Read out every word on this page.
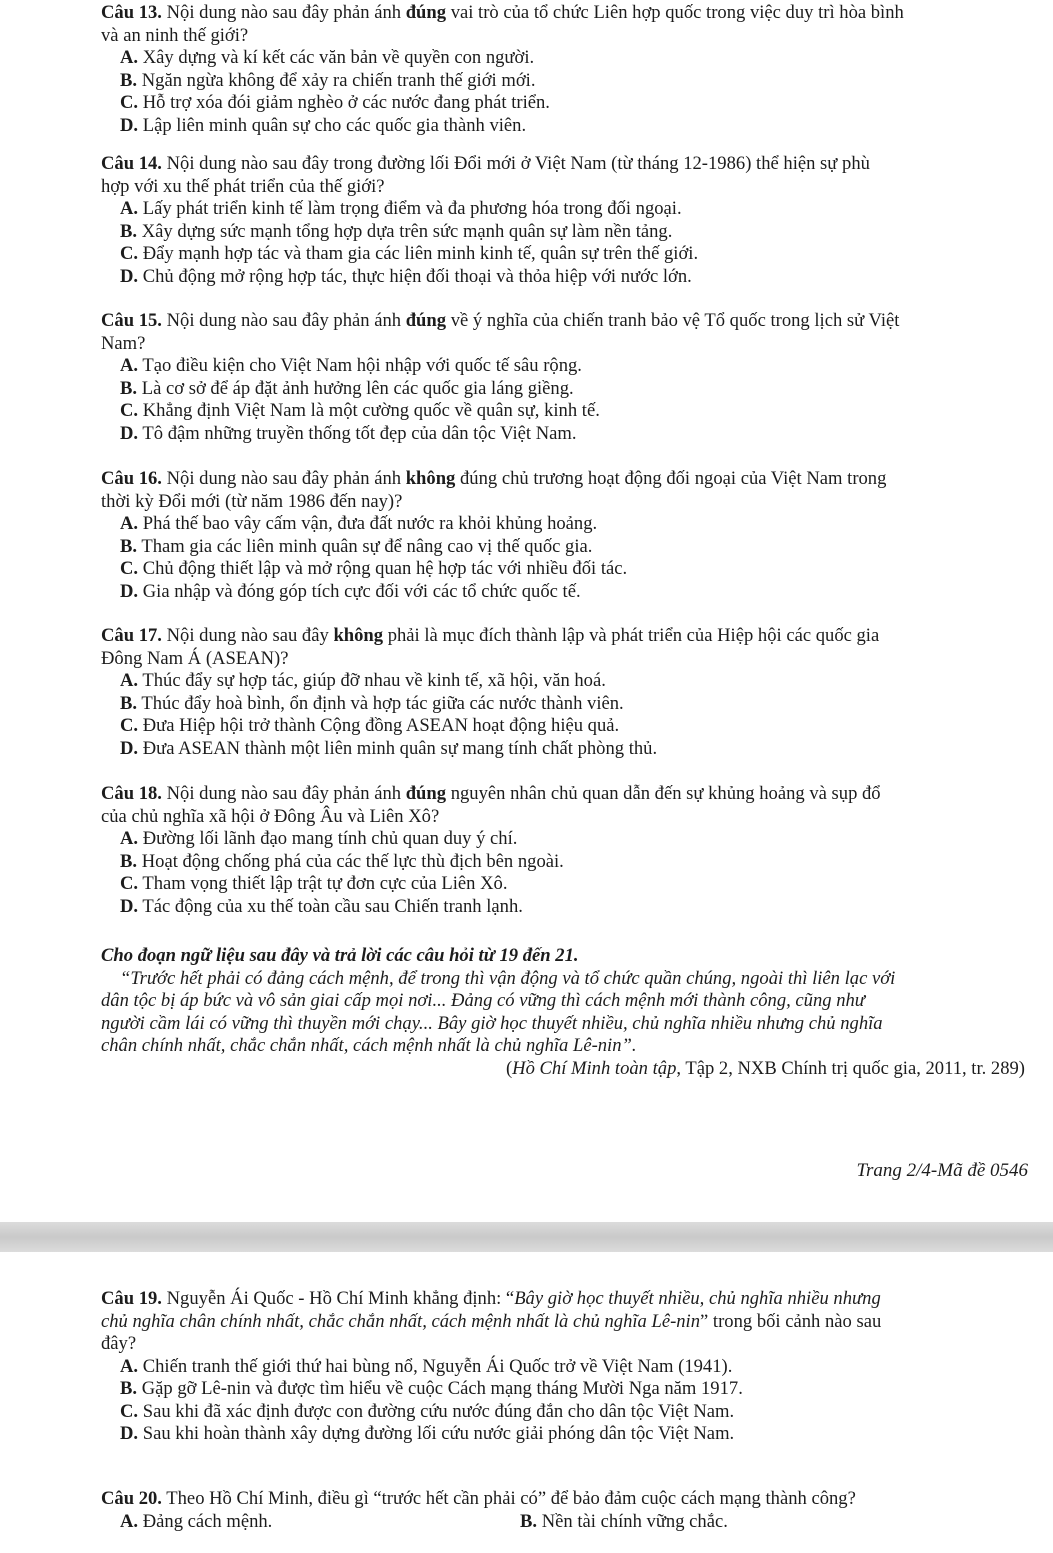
Câu 13. Nội dung nào sau đây phản ánh đúng vai trò của tổ chức Liên hợp quốc trong việc duy trì hòa bình

và an ninh thế giới?

A. Xây dựng và kí kết các văn bản về quyền con người.

B. Ngăn ngừa không để xảy ra chiến tranh thế giới mới.

C. Hỗ trợ xóa đói giảm nghèo ở các nước đang phát triển.

D. Lập liên minh quân sự cho các quốc gia thành viên.

Câu 14. Nội dung nào sau đây trong đường lối Đổi mới ở Việt Nam (từ tháng 12-1986) thể hiện sự phù

hợp với xu thế phát triển của thế giới?

A. Lấy phát triển kinh tế làm trọng điểm và đa phương hóa trong đối ngoại.

B. Xây dựng sức mạnh tổng hợp dựa trên sức mạnh quân sự làm nền tảng.

C. Đẩy mạnh hợp tác và tham gia các liên minh kinh tế, quân sự trên thế giới.

D. Chủ động mở rộng hợp tác, thực hiện đối thoại và thỏa hiệp với nước lớn.

Câu 15. Nội dung nào sau đây phản ánh đúng về ý nghĩa của chiến tranh bảo vệ Tổ quốc trong lịch sử Việt

Nam?

A. Tạo điều kiện cho Việt Nam hội nhập với quốc tế sâu rộng.

B. Là cơ sở để áp đặt ảnh hưởng lên các quốc gia láng giềng.

C. Khẳng định Việt Nam là một cường quốc về quân sự, kinh tế.

D. Tô đậm những truyền thống tốt đẹp của dân tộc Việt Nam.

Câu 16. Nội dung nào sau đây phản ánh không đúng chủ trương hoạt động đối ngoại của Việt Nam trong

thời kỳ Đổi mới (từ năm 1986 đến nay)?

A. Phá thế bao vây cấm vận, đưa đất nước ra khỏi khủng hoảng.

B. Tham gia các liên minh quân sự để nâng cao vị thế quốc gia.

C. Chủ động thiết lập và mở rộng quan hệ hợp tác với nhiều đối tác.

D. Gia nhập và đóng góp tích cực đối với các tổ chức quốc tế.

Câu 17. Nội dung nào sau đây không phải là mục đích thành lập và phát triển của Hiệp hội các quốc gia

Đông Nam Á (ASEAN)?

A. Thúc đẩy sự hợp tác, giúp đỡ nhau về kinh tế, xã hội, văn hoá.

B. Thúc đẩy hoà bình, ổn định và hợp tác giữa các nước thành viên.

C. Đưa Hiệp hội trở thành Cộng đồng ASEAN hoạt động hiệu quả.

D. Đưa ASEAN thành một liên minh quân sự mang tính chất phòng thủ.

Câu 18. Nội dung nào sau đây phản ánh đúng nguyên nhân chủ quan dẫn đến sự khủng hoảng và sụp đổ

của chủ nghĩa xã hội ở Đông Âu và Liên Xô?

A. Đường lối lãnh đạo mang tính chủ quan duy ý chí.

B. Hoạt động chống phá của các thế lực thù địch bên ngoài.

C. Tham vọng thiết lập trật tự đơn cực của Liên Xô.

D. Tác động của xu thế toàn cầu sau Chiến tranh lạnh.

Cho đoạn ngữ liệu sau đây và trả lời các câu hỏi từ 19 đến 21.

“Trước hết phải có đảng cách mệnh, để trong thì vận động và tổ chức quần chúng, ngoài thì liên lạc với

dân tộc bị áp bức và vô sản giai cấp mọi nơi... Đảng có vững thì cách mệnh mới thành công, cũng như

người cầm lái có vững thì thuyền mới chạy... Bây giờ học thuyết nhiều, chủ nghĩa nhiều nhưng chủ nghĩa

chân chính nhất, chắc chắn nhất, cách mệnh nhất là chủ nghĩa Lê-nin”.

(Hồ Chí Minh toàn tập, Tập 2, NXB Chính trị quốc gia, 2011, tr. 289)

Trang 2/4-Mã đề 0546

Câu 19. Nguyễn Ái Quốc - Hồ Chí Minh khẳng định: “Bây giờ học thuyết nhiều, chủ nghĩa nhiều nhưng

chủ nghĩa chân chính nhất, chắc chắn nhất, cách mệnh nhất là chủ nghĩa Lê-nin” trong bối cảnh nào sau

đây?

A. Chiến tranh thế giới thứ hai bùng nổ, Nguyễn Ái Quốc trở về Việt Nam (1941).

B. Gặp gỡ Lê-nin và được tìm hiểu về cuộc Cách mạng tháng Mười Nga năm 1917.

C. Sau khi đã xác định được con đường cứu nước đúng đắn cho dân tộc Việt Nam.

D. Sau khi hoàn thành xây dựng đường lối cứu nước giải phóng dân tộc Việt Nam.

Câu 20. Theo Hồ Chí Minh, điều gì “trước hết cần phải có” để bảo đảm cuộc cách mạng thành công?

A. Đảng cách mệnh.	B. Nền tài chính vững chắc.
